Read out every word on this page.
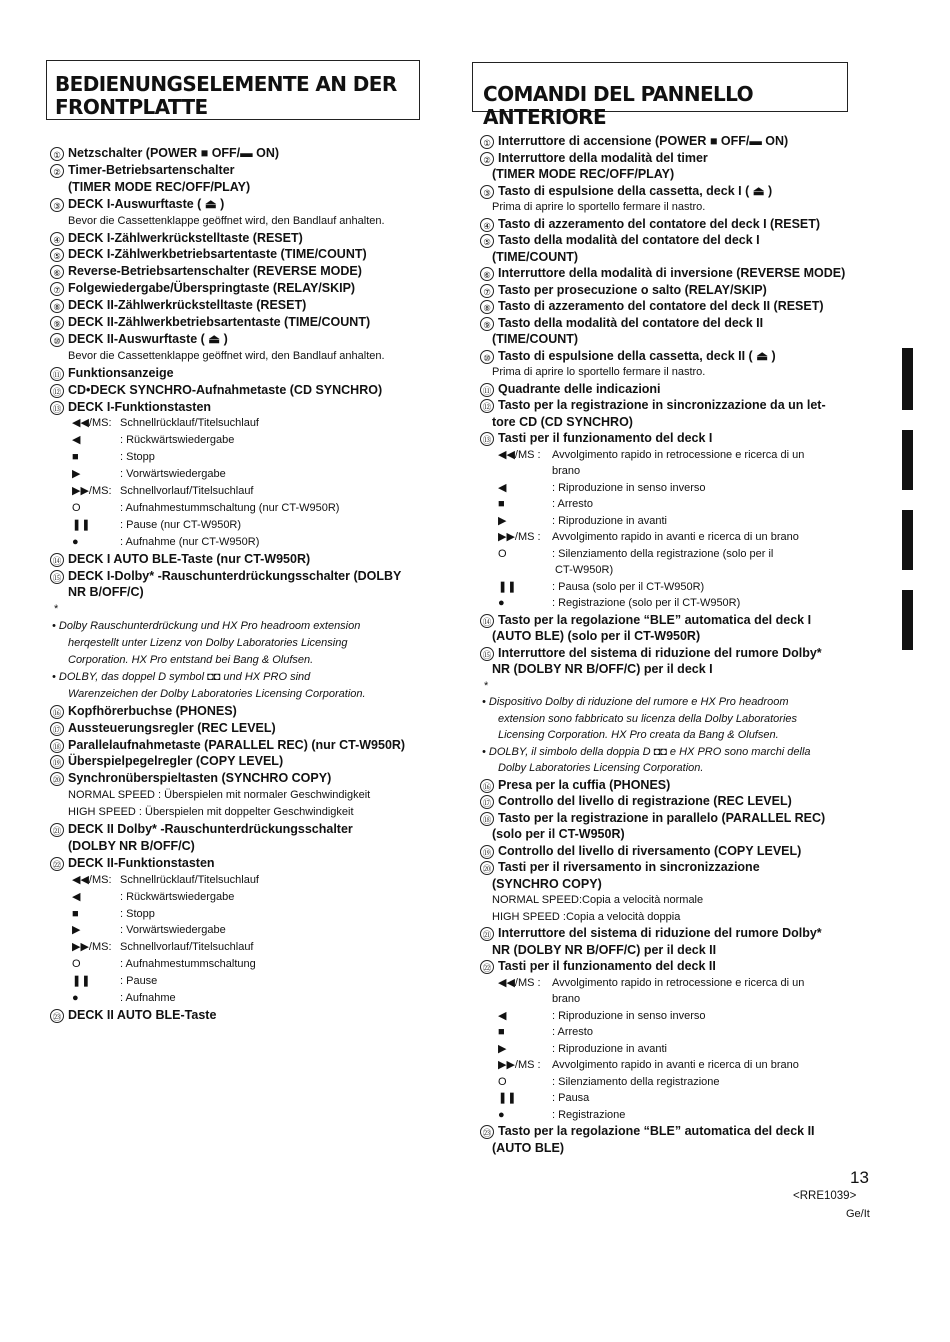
BEDIENUNGSELEMENTE AN DER
FRONTPLATTE
① Netzschalter (POWER ■ OFF/▬ ON)
② Timer-Betriebsartenschalter
(TIMER MODE REC/OFF/PLAY)
③ DECK I-Auswurftaste ( ⏏ )
Bevor die Cassettenklappe geöffnet wird, den Bandlauf anhalten.
④ DECK I-Zählwerkrückstelltaste (RESET)
⑤ DECK I-Zählwerkbetriebsartentaste (TIME/COUNT)
⑥ Reverse-Betriebsartenschalter (REVERSE MODE)
⑦ Folgewiedergabe/Überspringtaste (RELAY/SKIP)
⑧ DECK II-Zählwerkrückstelltaste (RESET)
⑨ DECK II-Zählwerkbetriebsartentaste (TIME/COUNT)
⑩ DECK II-Auswurftaste ( ⏏ )
Bevor die Cassettenklappe geöffnet wird, den Bandlauf anhalten.
⑪ Funktionsanzeige
⑫ CD•DECK SYNCHRO-Aufnahmetaste (CD SYNCHRO)
⑬ DECK I-Funktionstasten
◀◀/MS: Schnellrücklauf/Titelsuchlauf
◀	: Rückwärtswiedergabe
■	: Stopp
▶	: Vorwärtswiedergabe
▶▶/MS: Schnellvorlauf/Titelsuchlauf
O	: Aufnahmestummschaltung (nur CT-W950R)
❚❚	: Pause (nur CT-W950R)
●	: Aufnahme (nur CT-W950R)
⑭ DECK I AUTO BLE-Taste (nur CT-W950R)
⑮ DECK I-Dolby* -Rauschunterdrückungsschalter (DOLBY
NR B/OFF/C)
*
• Dolby Rauschunterdrückung und HX Pro headroom extension
herqestellt unter Lizenz von Dolby Laboratories Licensing
Corporation. HX Pro entstand bei Bang & Olufsen.
• DOLBY, das doppel D symbol ◘◘ und HX PRO sind
Warenzeichen der Dolby Laboratories Licensing Corporation.
⑯ Kopfhörerbuchse (PHONES)
⑰ Aussteuerungsregler (REC LEVEL)
⑱ Parallelaufnahmetaste (PARALLEL REC) (nur CT-W950R)
⑲ Überspielpegelregler (COPY LEVEL)
⑳ Synchronüberspieltasten (SYNCHRO COPY)
NORMAL SPEED : Überspielen mit normaler Geschwindigkeit
HIGH SPEED : Überspielen mit doppelter Geschwindigkeit
㉑ DECK II Dolby* -Rauschunterdrückungsschalter
(DOLBY NR B/OFF/C)
㉒ DECK II-Funktionstasten
◀◀/MS: Schnellrücklauf/Titelsuchlauf
◀	: Rückwärtswiedergabe
■	: Stopp
▶	: Vorwärtswiedergabe
▶▶/MS: Schnellvorlauf/Titelsuchlauf
O	: Aufnahmestummschaltung
❚❚	: Pause
●	: Aufnahme
㉓ DECK II AUTO BLE-Taste
COMANDI DEL PANNELLO ANTERIORE
① Interruttore di accensione (POWER ■ OFF/▬ ON)
② Interruttore della modalità del timer
(TIMER MODE REC/OFF/PLAY)
③ Tasto di espulsione della cassetta, deck I ( ⏏ )
Prima di aprire lo sportello fermare il nastro.
④ Tasto di azzeramento del contatore del deck I (RESET)
⑤ Tasto della modalità del contatore del deck I
(TIME/COUNT)
⑥ Interruttore della modalità di inversione (REVERSE MODE)
⑦ Tasto per prosecuzione o salto (RELAY/SKIP)
⑧ Tasto di azzeramento del contatore del deck II (RESET)
⑨ Tasto della modalità del contatore del deck II
(TIME/COUNT)
⑩ Tasto di espulsione della cassetta, deck II ( ⏏ )
Prima di aprire lo sportello fermare il nastro.
⑪ Quadrante delle indicazioni
⑫ Tasto per la registrazione in sincronizzazione da un let-
tore CD (CD SYNCHRO)
⑬ Tasti per il funzionamento del deck I
◀◀/MS : Avvolgimento rapido in retrocessione e ricerca di un
brano
◀	: Riproduzione in senso inverso
■	: Arresto
▶	: Riproduzione in avanti
▶▶/MS : Avvolgimento rapido in avanti e ricerca di un brano
O	: Silenziamento della registrazione (solo per il
CT-W950R)
❚❚	: Pausa (solo per il CT-W950R)
●	: Registrazione (solo per il CT-W950R)
⑭ Tasto per la regolazione “BLE” automatica del deck I
(AUTO BLE) (solo per il CT-W950R)
⑮ Interruttore del sistema di riduzione del rumore Dolby*
NR (DOLBY NR B/OFF/C) per il deck I
*
• Dispositivo Dolby di riduzione del rumore e HX Pro headroom
extension sono fabbricato su licenza della Dolby Laboratories
Licensing Corporation. HX Pro creata da Bang & Olufsen.
• DOLBY, il simbolo della doppia D ◘◘ e HX PRO sono marchi della
Dolby Laboratories Licensing Corporation.
⑯ Presa per la cuffia (PHONES)
⑰ Controllo del livello di registrazione (REC LEVEL)
⑱ Tasto per la registrazione in parallelo (PARALLEL REC)
(solo per il CT-W950R)
⑲ Controllo del livello di riversamento (COPY LEVEL)
⑳ Tasti per il riversamento in sincronizzazione
(SYNCHRO COPY)
NORMAL SPEED:Copia a velocità normale
HIGH SPEED :Copia a velocità doppia
㉑ Interruttore del sistema di riduzione del rumore Dolby*
NR (DOLBY NR B/OFF/C) per il deck II
㉒ Tasti per il funzionamento del deck II
◀◀/MS : Avvolgimento rapido in retrocessione e ricerca di un
brano
◀	: Riproduzione in senso inverso
■	: Arresto
▶	: Riproduzione in avanti
▶▶/MS : Avvolgimento rapido in avanti e ricerca di un brano
O	: Silenziamento della registrazione
❚❚	: Pausa
●	: Registrazione
㉓ Tasto per la regolazione “BLE” automatica del deck II
(AUTO BLE)
13
<RRE1039>
Ge/It
